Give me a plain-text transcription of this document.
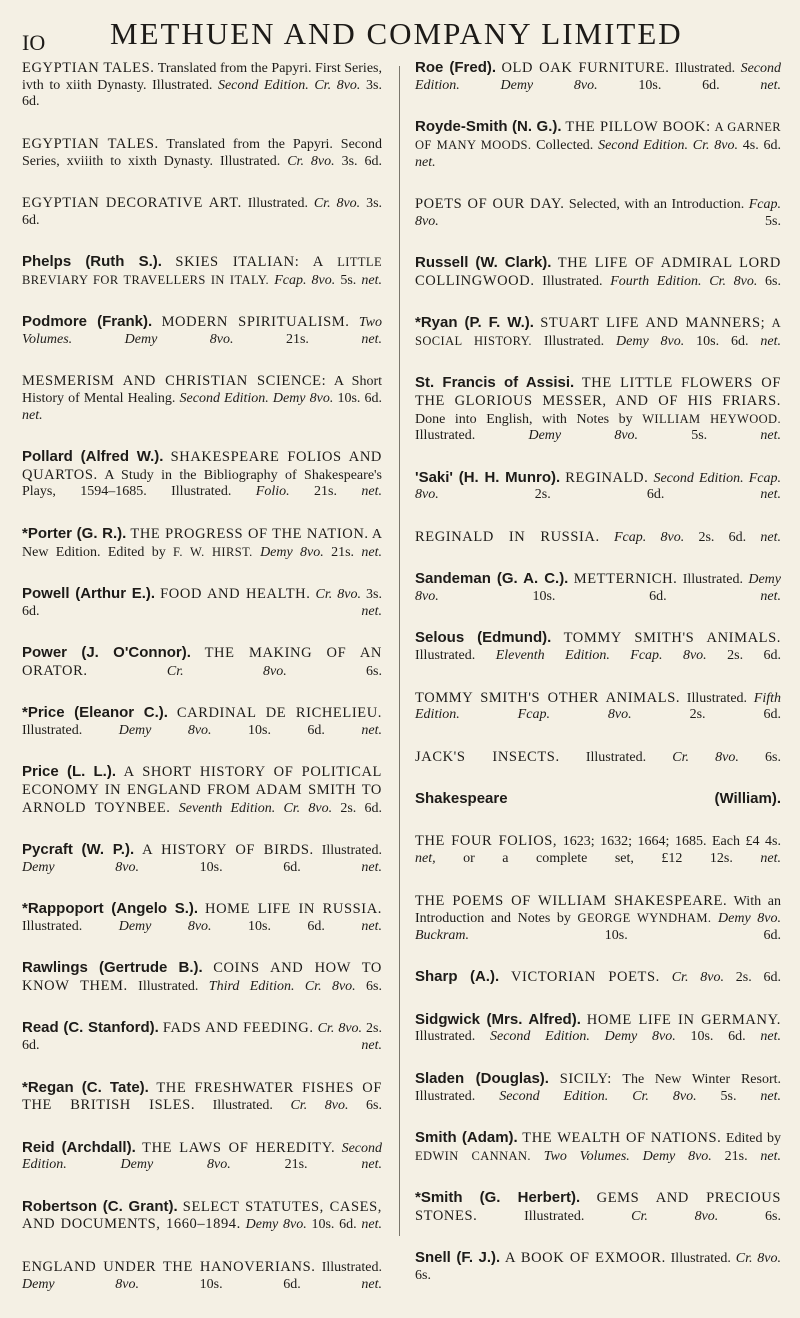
IO METHUEN AND COMPANY LIMITED

EGYPTIAN TALES. Translated from the Papyri. First Series, ivth to xiith Dynasty. Illustrated. Second Edition. Cr. 8vo. 3s. 6d.

EGYPTIAN TALES. Translated from the Papyri. Second Series, xviiith to xixth Dynasty. Illustrated. Cr. 8vo. 3s. 6d.

EGYPTIAN DECORATIVE ART. Illustrated. Cr. 8vo. 3s. 6d.

Phelps (Ruth S.). SKIES ITALIAN: A LITTLE BREVIARY FOR TRAVELLERS IN ITALY. Fcap. 8vo. 5s. net.

Podmore (Frank). MODERN SPIRITUALISM. Two Volumes. Demy 8vo. 21s. net.

MESMERISM AND CHRISTIAN SCIENCE: A Short History of Mental Healing. Second Edition. Demy 8vo. 10s. 6d. net.

Pollard (Alfred W.). SHAKESPEARE FOLIOS AND QUARTOS. A Study in the Bibliography of Shakespeare's Plays, 1594–1685. Illustrated. Folio. 21s. net.

*Porter (G. R.). THE PROGRESS OF THE NATION. A New Edition. Edited by F. W. HIRST. Demy 8vo. 21s. net.

Powell (Arthur E.). FOOD AND HEALTH. Cr. 8vo. 3s. 6d. net.

Power (J. O'Connor). THE MAKING OF AN ORATOR.	Cr. 8vo. 6s.

*Price (Eleanor C.). CARDINAL DE RICHELIEU. Illustrated. Demy 8vo. 10s. 6d. net.

Price (L. L.). A SHORT HISTORY OF POLITICAL ECONOMY IN ENGLAND FROM ADAM SMITH TO ARNOLD TOYNBEE. Seventh Edition. Cr. 8vo. 2s. 6d.

Pycraft (W. P.). A HISTORY OF BIRDS. Illustrated. Demy 8vo. 10s. 6d. net.

*Rappoport (Angelo S.). HOME LIFE IN RUSSIA. Illustrated. Demy 8vo. 10s. 6d. net.

Rawlings (Gertrude B.). COINS AND HOW TO KNOW THEM. Illustrated. Third Edition. Cr. 8vo. 6s.

Read (C. Stanford). FADS AND FEEDING. Cr. 8vo. 2s. 6d. net.

*Regan (C. Tate). THE FRESHWATER FISHES OF THE BRITISH ISLES. Illustrated. Cr. 8vo. 6s.

Reid (Archdall). THE LAWS OF HEREDITY. Second Edition. Demy 8vo. 21s. net.

Robertson (C. Grant). SELECT STATUTES, CASES, AND DOCUMENTS, 1660–1894. Demy 8vo. 10s. 6d. net.

ENGLAND UNDER THE HANOVERIANS. Illustrated. Demy 8vo. 10s. 6d. net.

Roe (Fred). OLD OAK FURNITURE. Illustrated. Second Edition. Demy 8vo. 10s. 6d. net.

Royde-Smith (N. G.). THE PILLOW BOOK: A GARNER OF MANY MOODS. Collected. Second Edition. Cr. 8vo. 4s. 6d. net.

POETS OF OUR DAY. Selected, with an Introduction. Fcap. 8vo. 5s.

Russell (W. Clark). THE LIFE OF ADMIRAL LORD COLLINGWOOD. Illustrated. Fourth Edition. Cr. 8vo. 6s.

*Ryan (P. F. W.). STUART LIFE AND MANNERS; A SOCIAL HISTORY. Illustrated. Demy 8vo. 10s. 6d. net.

St. Francis of Assisi. THE LITTLE FLOWERS OF THE GLORIOUS MESSER, AND OF HIS FRIARS. Done into English, with Notes by WILLIAM HEYWOOD. Illustrated. Demy 8vo. 5s. net.

'Saki' (H. H. Munro). REGINALD. Second Edition. Fcap. 8vo. 2s. 6d. net.

REGINALD IN RUSSIA. Fcap. 8vo. 2s. 6d. net.

Sandeman (G. A. C.). METTERNICH. Illustrated. Demy 8vo. 10s. 6d. net.

Selous (Edmund). TOMMY SMITH'S ANIMALS. Illustrated. Eleventh Edition. Fcap. 8vo. 2s. 6d.

TOMMY SMITH'S OTHER ANIMALS. Illustrated. Fifth Edition. Fcap. 8vo. 2s. 6d.

JACK'S INSECTS. Illustrated. Cr. 8vo. 6s.

Shakespeare (William).

THE FOUR FOLIOS, 1623; 1632; 1664; 1685. Each £4 4s. net, or a complete set, £12 12s. net.

THE POEMS OF WILLIAM SHAKESPEARE. With an Introduction and Notes by GEORGE WYNDHAM. Demy 8vo. Buckram. 10s. 6d.

Sharp (A.). VICTORIAN POETS. Cr. 8vo. 2s. 6d.

Sidgwick (Mrs. Alfred). HOME LIFE IN GERMANY. Illustrated. Second Edition. Demy 8vo. 10s. 6d. net.

Sladen (Douglas). SICILY: The New Winter Resort. Illustrated. Second Edition. Cr. 8vo. 5s. net.

Smith (Adam). THE WEALTH OF NATIONS. Edited by EDWIN CANNAN. Two Volumes. Demy 8vo. 21s. net.

*Smith (G. Herbert). GEMS AND PRECIOUS STONES. Illustrated. Cr. 8vo. 6s.

Snell (F. J.). A BOOK OF EXMOOR. Illustrated. Cr. 8vo. 6s.
